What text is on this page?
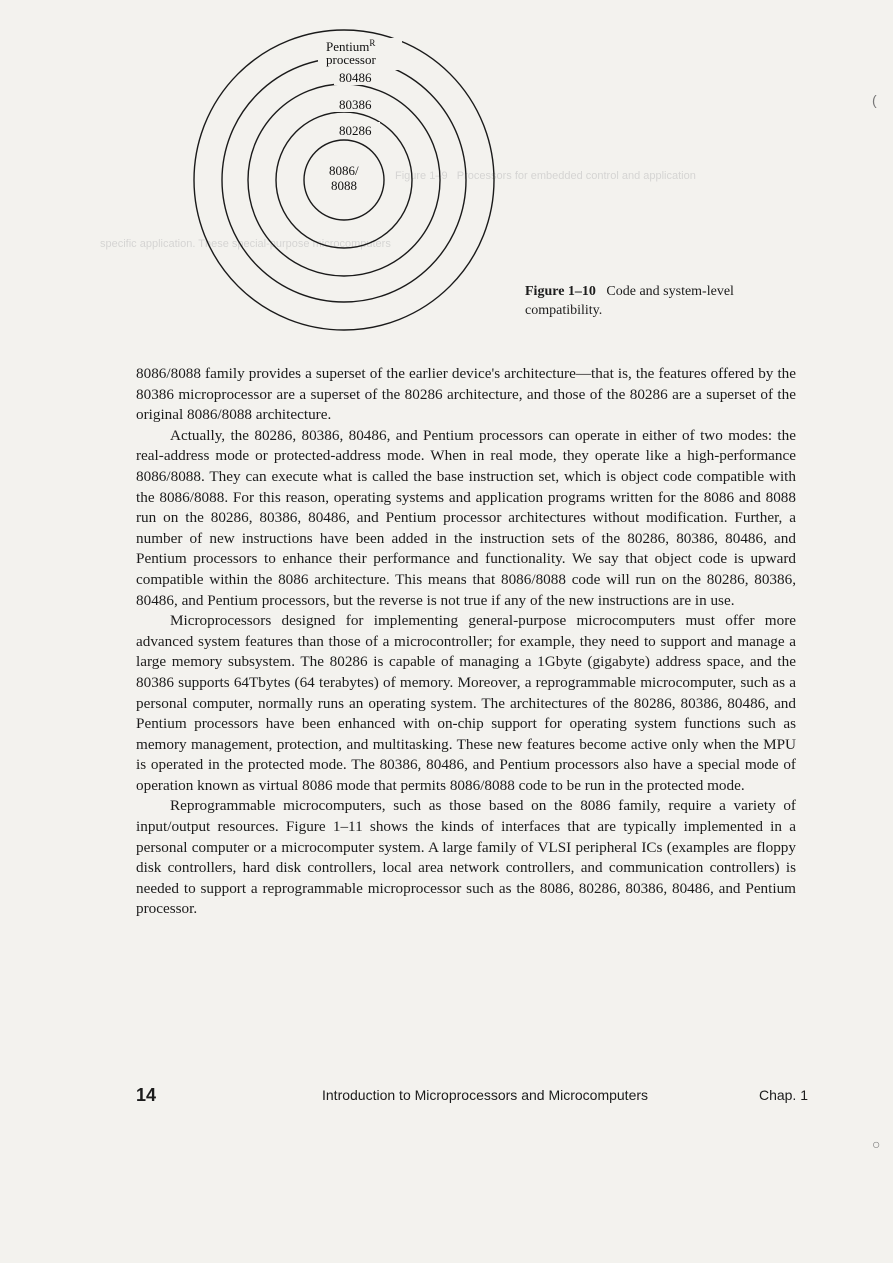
Figure 1–9   Processors for embedded control and application
specific application. These special-purpose microcomputers
Pentium$^R$
processor
80486
80386
80286
8086/
8088
Figure 1–10 Code and system-level compatibility.

8086/8088 family provides a superset of the earlier device's architecture—that is, the features offered by the 80386 microprocessor are a superset of the 80286 architecture, and those of the 80286 are a superset of the original 8086/8088 architecture.

Actually, the 80286, 80386, 80486, and Pentium processors can operate in either of two modes: the real-address mode or protected-address mode. When in real mode, they operate like a high-performance 8086/8088. They can execute what is called the base instruction set, which is object code compatible with the 8086/8088. For this reason, operating systems and application programs written for the 8086 and 8088 run on the 80286, 80386, 80486, and Pentium processor architectures without modification. Further, a number of new instructions have been added in the instruction sets of the 80286, 80386, 80486, and Pentium processors to enhance their performance and functionality. We say that object code is upward compatible within the 8086 architecture. This means that 8086/8088 code will run on the 80286, 80386, 80486, and Pentium processors, but the reverse is not true if any of the new instructions are in use.

Microprocessors designed for implementing general-purpose microcomputers must offer more advanced system features than those of a microcontroller; for example, they need to support and manage a large memory subsystem. The 80286 is capable of managing a 1Gbyte (gigabyte) address space, and the 80386 supports 64Tbytes (64 terabytes) of memory. Moreover, a reprogrammable microcomputer, such as a personal computer, normally runs an operating system. The architectures of the 80286, 80386, 80486, and Pentium processors have been enhanced with on-chip support for operating system functions such as memory management, protection, and multitasking. These new features become active only when the MPU is operated in the protected mode. The 80386, 80486, and Pentium processors also have a special mode of operation known as virtual 8086 mode that permits 8086/8088 code to be run in the protected mode.

Reprogrammable microcomputers, such as those based on the 8086 family, require a variety of input/output resources. Figure 1–11 shows the kinds of interfaces that are typically implemented in a personal computer or a microcomputer system. A large family of VLSI peripheral ICs (examples are floppy disk controllers, hard disk controllers, local area network controllers, and communication controllers) is needed to support a reprogrammable microprocessor such as the 8086, 80286, 80386, 80486, and Pentium processor.

14	Introduction to Microprocessors and Microcomputers	Chap. 1
(
○
